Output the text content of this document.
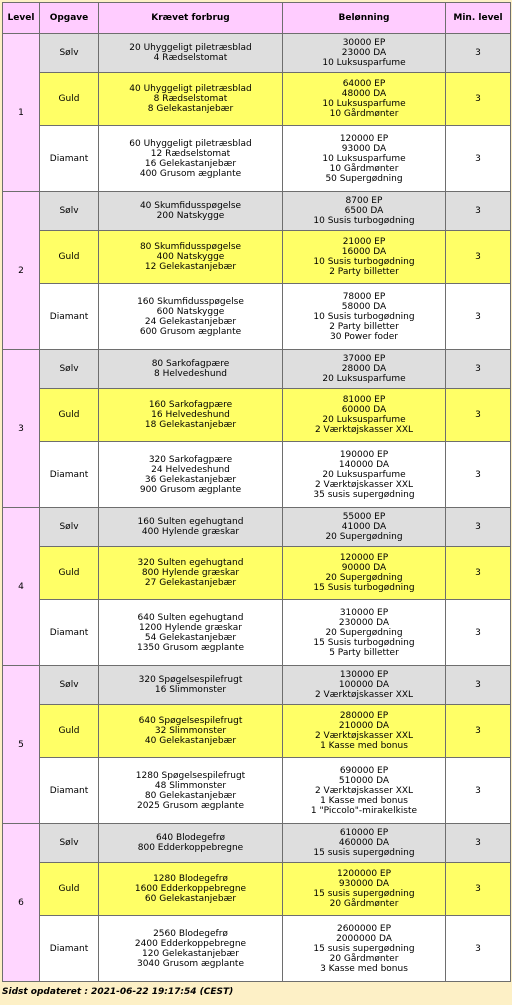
Level	Opgave	Krævet forbrug	Belønning	Min. level
1	Sølv	20 Uhyggeligt piletræsblad
4 Rædselstomat	30000 EP
23000 DA
10 Luksusparfume	3
	Guld	40 Uhyggeligt piletræsblad
8 Rædselstomat
8 Gelekastanjebær	64000 EP
48000 DA
10 Luksusparfume
10 Gårdmønter	3
	Diamant	60 Uhyggeligt piletræsblad
12 Rædselstomat
16 Gelekastanjebær
400 Grusom ægplante	120000 EP
93000 DA
10 Luksusparfume
10 Gårdmønter
50 Supergødning	3
2	Sølv	40 Skumfidusspøgelse
200 Natskygge	8700 EP
6500 DA
10 Susis turbogødning	3
	Guld	80 Skumfidusspøgelse
400 Natskygge
12 Gelekastanjebær	21000 EP
16000 DA
10 Susis turbogødning
2 Party billetter	3
	Diamant	160 Skumfidusspøgelse
600 Natskygge
24 Gelekastanjebær
600 Grusom ægplante	78000 EP
58000 DA
10 Susis turbogødning
2 Party billetter
30 Power foder	3
3	Sølv	80 Sarkofagpære
8 Helvedeshund	37000 EP
28000 DA
20 Luksusparfume	3
	Guld	160 Sarkofagpære
16 Helvedeshund
18 Gelekastanjebær	81000 EP
60000 DA
20 Luksusparfume
2 Værktøjskasser XXL	3
	Diamant	320 Sarkofagpære
24 Helvedeshund
36 Gelekastanjebær
900 Grusom ægplante	190000 EP
140000 DA
20 Luksusparfume
2 Værktøjskasser XXL
35 susis supergødning	3
4	Sølv	160 Sulten egehugtand
400 Hylende græskar	55000 EP
41000 DA
20 Supergødning	3
	Guld	320 Sulten egehugtand
800 Hylende græskar
27 Gelekastanjebær	120000 EP
90000 DA
20 Supergødning
15 Susis turbogødning	3
	Diamant	640 Sulten egehugtand
1200 Hylende græskar
54 Gelekastanjebær
1350 Grusom ægplante	310000 EP
230000 DA
20 Supergødning
15 Susis turbogødning
5 Party billetter	3
5	Sølv	320 Spøgelsespilefrugt
16 Slimmonster	130000 EP
100000 DA
2 Værktøjskasser XXL	3
	Guld	640 Spøgelsespilefrugt
32 Slimmonster
40 Gelekastanjebær	280000 EP
210000 DA
2 Værktøjskasser XXL
1 Kasse med bonus	3
	Diamant	1280 Spøgelsespilefrugt
48 Slimmonster
80 Gelekastanjebær
2025 Grusom ægplante	690000 EP
510000 DA
2 Værktøjskasser XXL
1 Kasse med bonus
1 "Piccolo"-mirakelkiste	3
6	Sølv	640 Blodegefrø
800 Edderkoppebregne	610000 EP
460000 DA
15 susis supergødning	3
	Guld	1280 Blodegefrø
1600 Edderkoppebregne
60 Gelekastanjebær	1200000 EP
930000 DA
15 susis supergødning
20 Gårdmønter	3
	Diamant	2560 Blodegefrø
2400 Edderkoppebregne
120 Gelekastanjebær
3040 Grusom ægplante	2600000 EP
2000000 DA
15 susis supergødning
20 Gårdmønter
3 Kasse med bonus	3
Sidst opdateret : 2021-06-22 19:17:54 (CEST)
